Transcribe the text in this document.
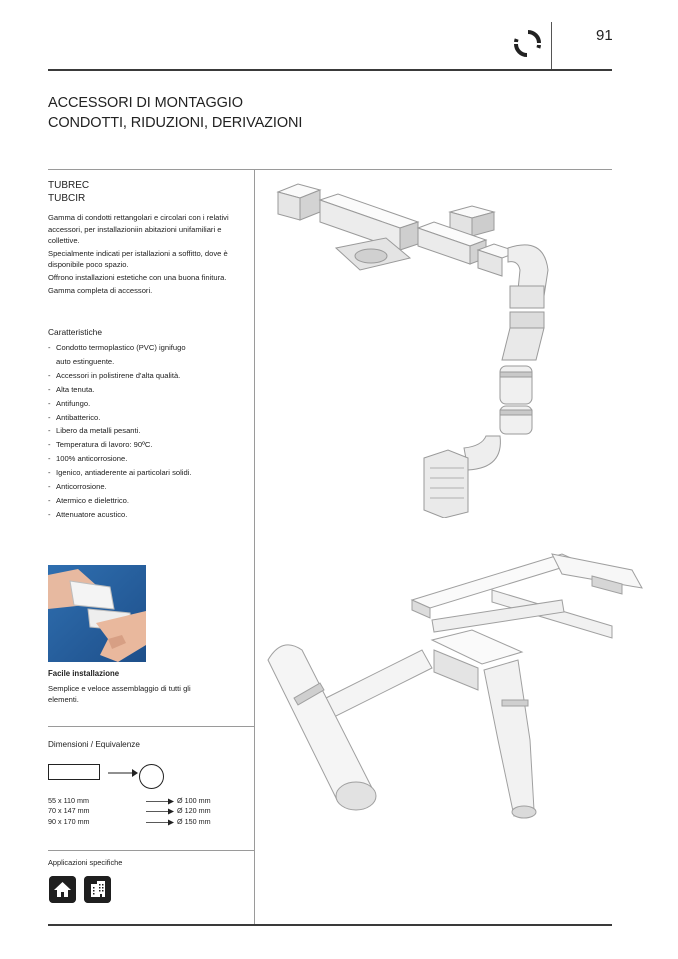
91
ACCESSORI DI MONTAGGIO
CONDOTTI, RIDUZIONI, DERIVAZIONI
TUBREC
TUBCIR

Gamma di condotti rettangolari e circolari con i relativi accessori, per installazioniin abitazioni unifamiliari e collettive.

Specialmente indicati per istallazioni a soffitto, dove è disponibile poco spazio.

Offrono installazioni estetiche con una buona finitura.

Gamma completa di accessori.

Caratteristiche
- Condotto termoplastico (PVC) ignifugo
auto estinguente.
- Accessori in polistirene d'alta qualità.
- Alta tenuta.
- Antifungo.
- Antibatterico.
- Libero da metalli pesanti.
- Temperatura di lavoro: 90ºC.
- 100% anticorrosione.
- Igenico, antiaderente ai particolari solidi.
- Anticorrosione.
- Atermico e dielettrico.
- Attenuatore acustico.
Facile installazione
Semplice e veloce assemblaggio di tutti gli elementi.
Dimensioni / Equivalenze
55 x 110 mm	Ø 100 mm
70 x 147 mm	Ø 120 mm
90 x 170 mm	Ø 150 mm
Applicazioni specifiche
